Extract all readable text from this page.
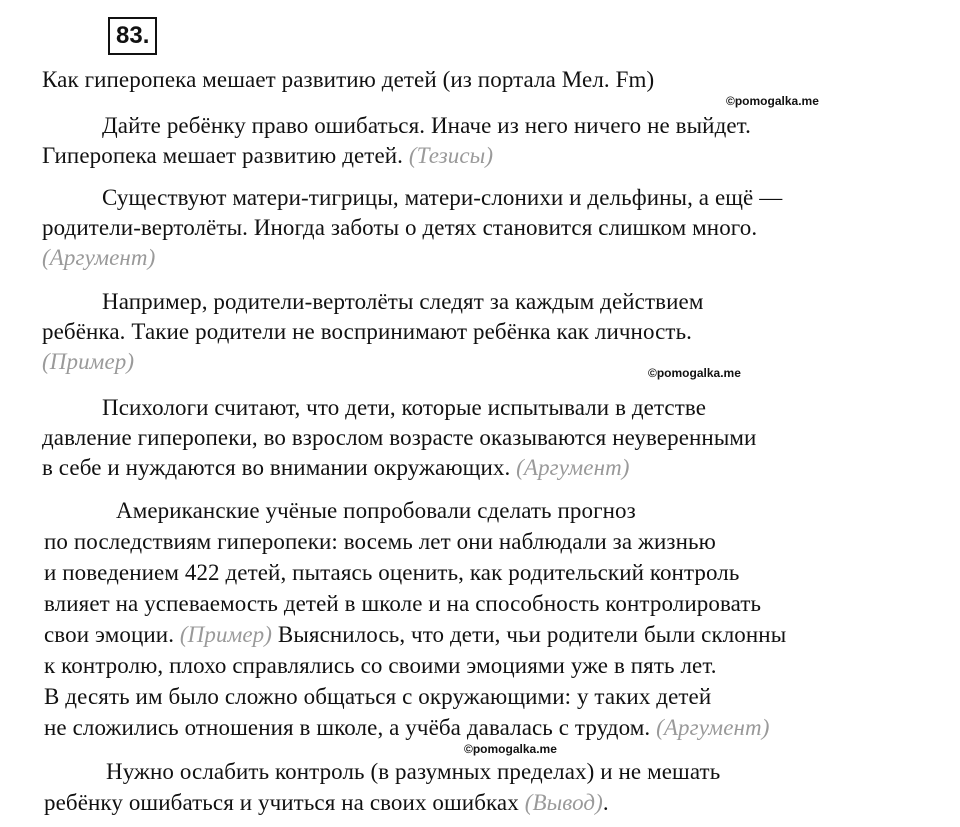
83.
Как гиперопека мешает развитию детей (из портала Мел. Fm)
©pomogalka.me
©pomogalka.me
©pomogalka.me
Дайте ребёнку право ошибаться. Иначе из него ничего не выйдет.
Гиперопека мешает развитию детей. (Тезисы)
Существуют матери-тигрицы, матери-слонихи и дельфины, а ещё —
родители-вертолёты. Иногда заботы о детях становится слишком много.
(Аргумент)
Например, родители-вертолёты следят за каждым действием
ребёнка. Такие родители не воспринимают ребёнка как личность.
(Пример)
Психологи считают, что дети, которые испытывали в детстве
давление гиперопеки, во взрослом возрасте оказываются неуверенными
в себе и нуждаются во внимании окружающих. (Аргумент)
Американские учёные попробовали сделать прогноз
по последствиям гиперопеки: восемь лет они наблюдали за жизнью
и поведением 422 детей, пытаясь оценить, как родительский контроль
влияет на успеваемость детей в школе и на способность контролировать
свои эмоции. (Пример) Выяснилось, что дети, чьи родители были склонны
к контролю, плохо справлялись со своими эмоциями уже в пять лет.
В десять им было сложно общаться с окружающими: у таких детей
не сложились отношения в школе, а учёба давалась с трудом. (Аргумент)
Нужно ослабить контроль (в разумных пределах) и не мешать
ребёнку ошибаться и учиться на своих ошибках (Вывод).
